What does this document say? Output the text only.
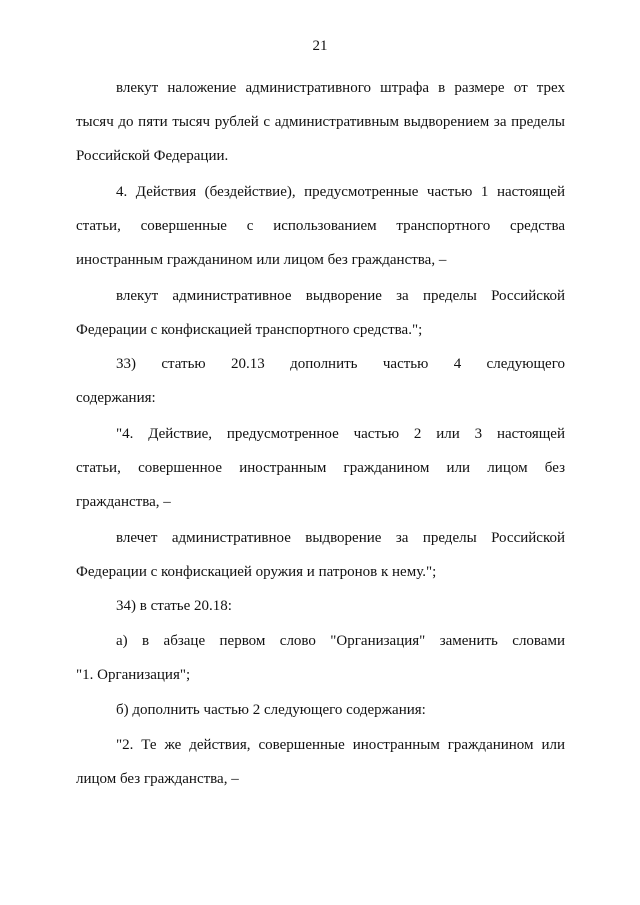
21
влекут наложение административного штрафа в размере от трех
тысяч до пяти тысяч рублей с административным выдворением за пределы
Российской Федерации.
4. Действия (бездействие), предусмотренные частью 1 настоящей
статьи, совершенные с использованием транспортного средства
иностранным гражданином или лицом без гражданства, –
влекут административное выдворение за пределы Российской
Федерации с конфискацией транспортного средства.";
33) статью 20.13 дополнить частью 4 следующего
содержания:
"4. Действие, предусмотренное частью 2 или 3 настоящей
статьи, совершенное иностранным гражданином или лицом без
гражданства, –
влечет административное выдворение за пределы Российской
Федерации с конфискацией оружия и патронов к нему.";
34) в статье 20.18:
а) в абзаце первом слово "Организация" заменить словами
"1. Организация";
б) дополнить частью 2 следующего содержания:
"2. Те же действия, совершенные иностранным гражданином или
лицом без гражданства, –
